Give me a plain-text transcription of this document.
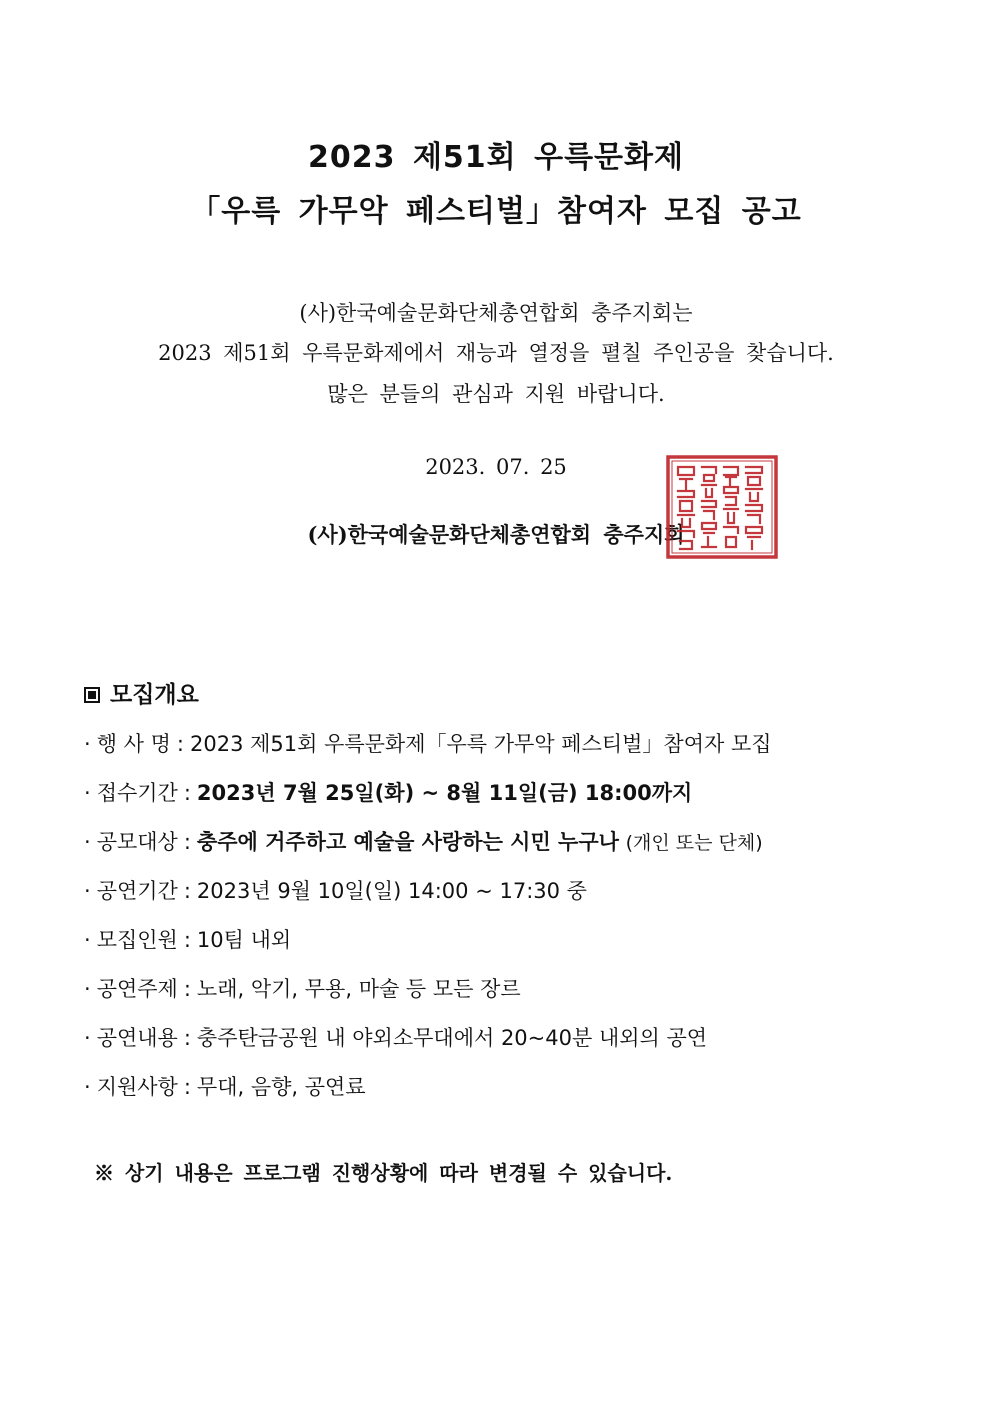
2023 제51회 우륵문화제
「우륵 가무악 페스티벌」참여자 모집 공고
(사)한국예술문화단체총연합회 충주지회는
2023 제51회 우륵문화제에서 재능과 열정을 펼칠 주인공을 찾습니다.
많은 분들의 관심과 지원 바랍니다.
2023. 07. 25
(사)한국예술문화단체총연합회 충주지회
모집개요
· 행 사 명 : 2023 제51회 우륵문화제「우륵 가무악 페스티벌」참여자 모집
· 접수기간 : 2023년 7월 25일(화) ~ 8월 11일(금) 18:00까지
· 공모대상 : 충주에 거주하고 예술을 사랑하는 시민 누구나 (개인 또는 단체)
· 공연기간 : 2023년 9월 10일(일) 14:00 ~ 17:30 중
· 모집인원 : 10팀 내외
· 공연주제 : 노래, 악기, 무용, 마술 등 모든 장르
· 공연내용 : 충주탄금공원 내 야외소무대에서 20~40분 내외의 공연
· 지원사항 : 무대, 음향, 공연료
※ 상기 내용은 프로그램 진행상황에 따라 변경될 수 있습니다.
